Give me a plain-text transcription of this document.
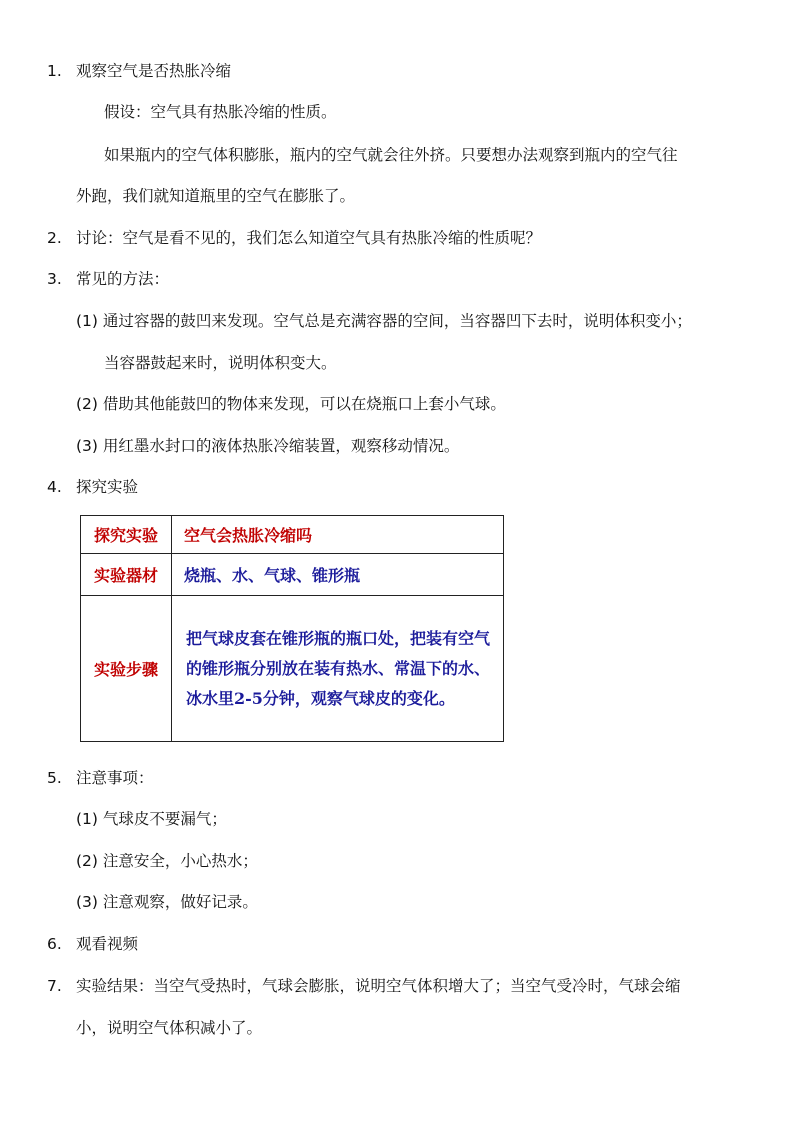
1. 观察空气是否热胀冷缩
假设：空气具有热胀冷缩的性质。
如果瓶内的空气体积膨胀，瓶内的空气就会往外挤。只要想办法观察到瓶内的空气往
外跑，我们就知道瓶里的空气在膨胀了。
2. 讨论：空气是看不见的，我们怎么知道空气具有热胀冷缩的性质呢？
3. 常见的方法：
(1) 通过容器的鼓凹来发现。空气总是充满容器的空间，当容器凹下去时，说明体积变小；
当容器鼓起来时，说明体积变大。
(2) 借助其他能鼓凹的物体来发现，可以在烧瓶口上套小气球。
(3) 用红墨水封口的液体热胀冷缩装置，观察移动情况。
4. 探究实验
探究实验	空气会热胀冷缩吗
实验器材	烧瓶、水、气球、锥形瓶
实验步骤	把气球皮套在锥形瓶的瓶口处，把装有空气的锥形瓶分别放在装有热水、常温下的水、冰水里2-5分钟，观察气球皮的变化。
5. 注意事项：
(1) 气球皮不要漏气；
(2) 注意安全，小心热水；
(3) 注意观察，做好记录。
6. 观看视频
7. 实验结果：当空气受热时，气球会膨胀，说明空气体积增大了；当空气受冷时，气球会缩
小，说明空气体积减小了。
